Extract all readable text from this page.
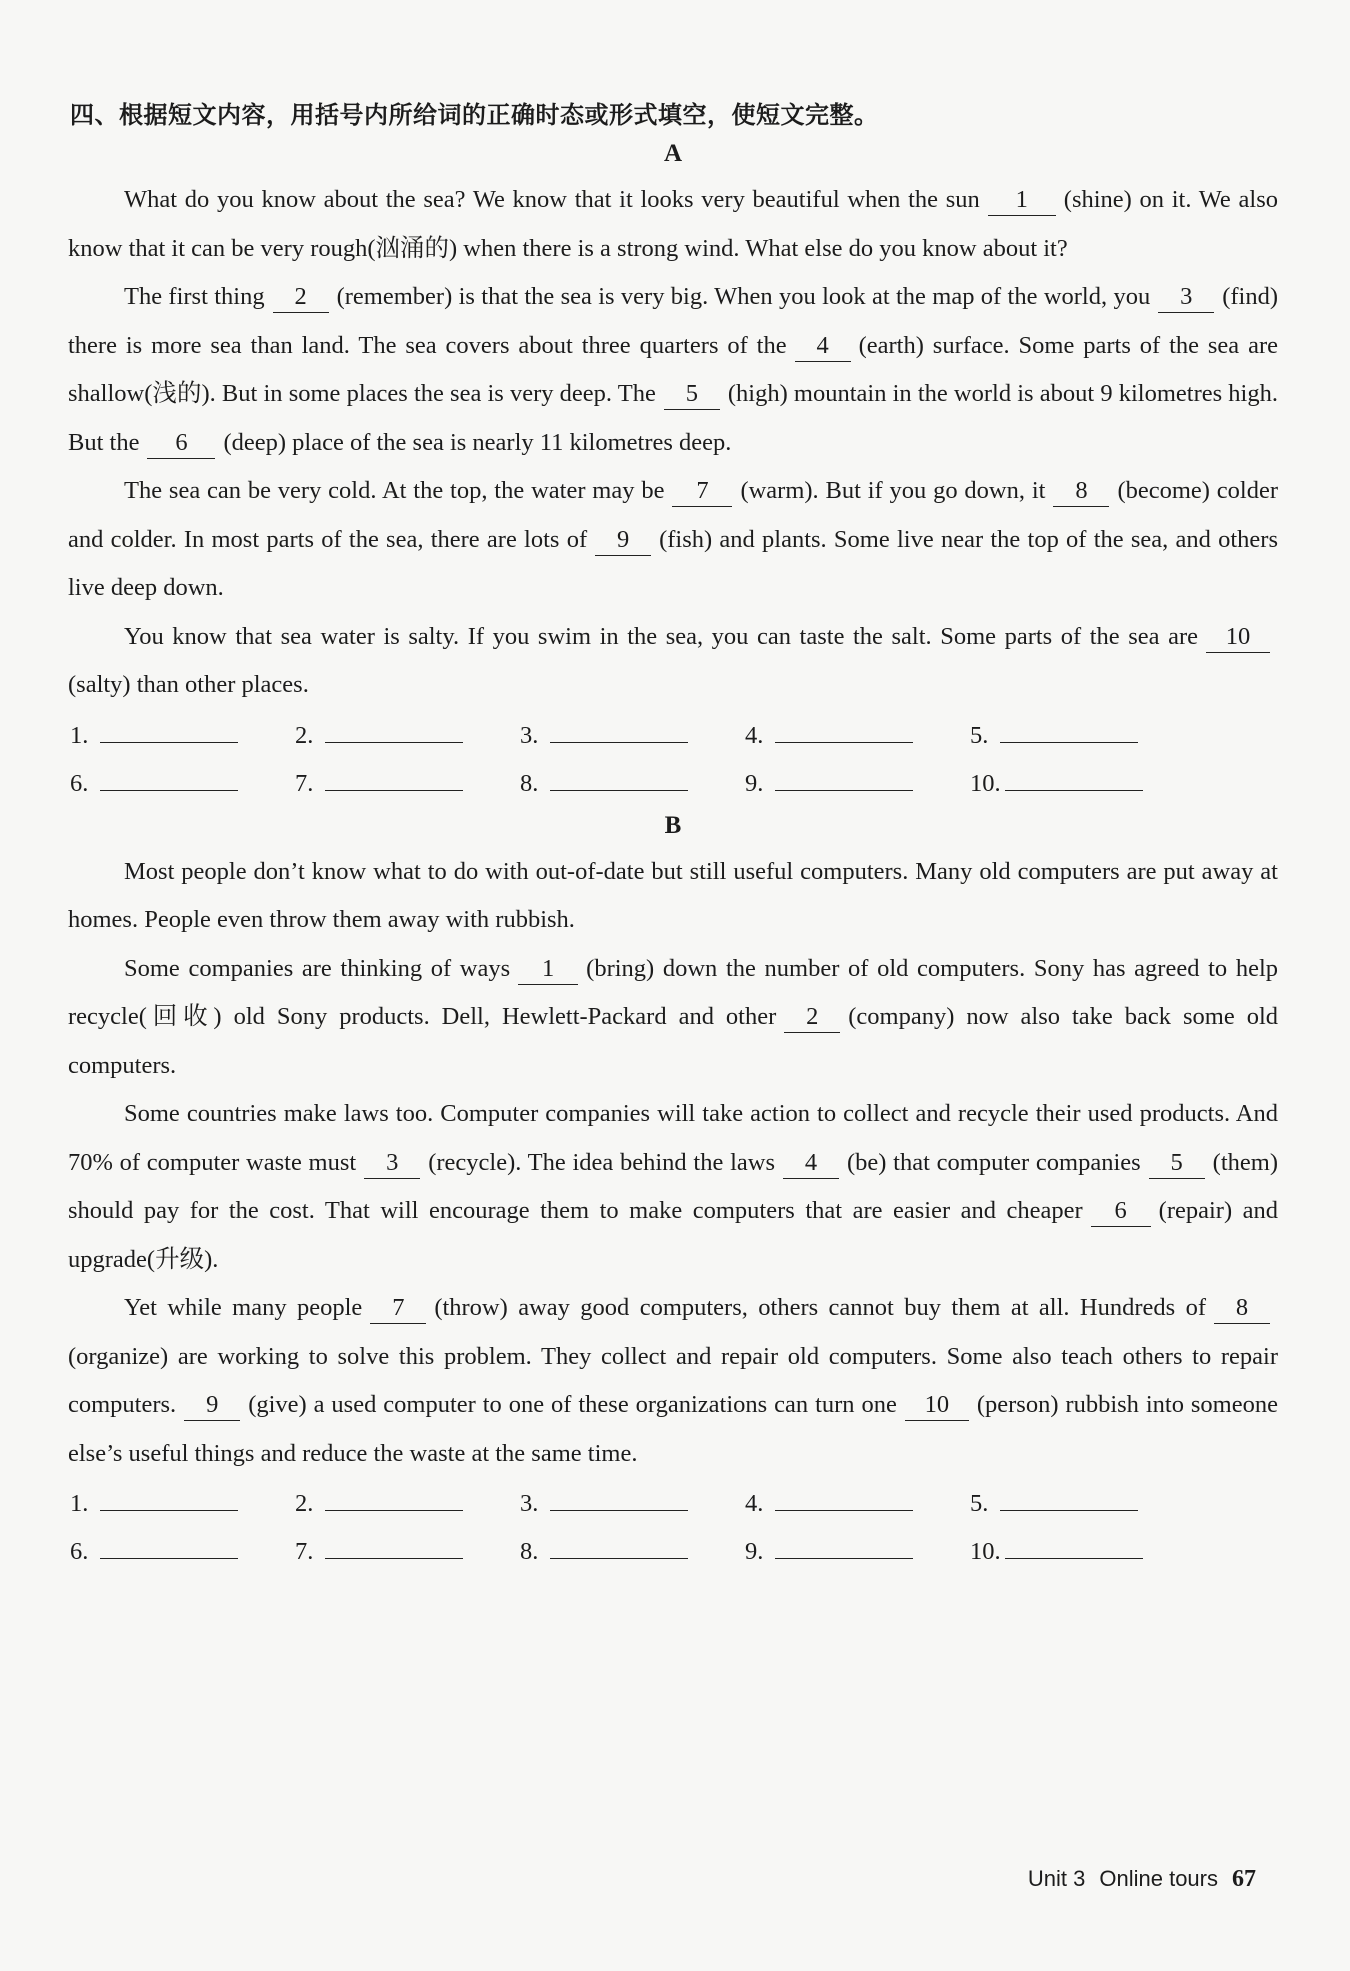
四、根据短文内容，用括号内所给词的正确时态或形式填空，使短文完整。
A

What do you know about the sea? We know that it looks very beautiful when the sun 1 (shine) on it. We also know that it can be very rough(汹涌的) when there is a strong wind. What else do you know about it?

The first thing 2 (remember) is that the sea is very big. When you look at the map of the world, you 3 (find) there is more sea than land. The sea covers about three quarters of the 4 (earth) surface. Some parts of the sea are shallow(浅的). But in some places the sea is very deep. The 5 (high) mountain in the world is about 9 kilometres high. But the 6 (deep) place of the sea is nearly 11 kilometres deep.

The sea can be very cold. At the top, the water may be 7 (warm). But if you go down, it 8 (become) colder and colder. In most parts of the sea, there are lots of 9 (fish) and plants. Some live near the top of the sea, and others live deep down.

You know that sea water is salty. If you swim in the sea, you can taste the salt. Some parts of the sea are 10(salty) than other places.

1.	2.	3.	4.	5.
6.	7.	8.	9.	10.
B

Most people don’t know what to do with out-of-date but still useful computers. Many old computers are put away at homes. People even throw them away with rubbish.

Some companies are thinking of ways 1 (bring) down the number of old computers. Sony has agreed to help recycle(回收) old Sony products. Dell, Hewlett-Packard and other 2 (company) now also take back some old computers.

Some countries make laws too. Computer companies will take action to collect and recycle their used products. And 70% of computer waste must 3 (recycle). The idea behind the laws 4 (be) that computer companies 5 (them) should pay for the cost. That will encourage them to make computers that are easier and cheaper 6 (repair) and upgrade(升级).

Yet while many people 7 (throw) away good computers, others cannot buy them at all. Hundreds of 8(organize) are working to solve this problem. They collect and repair old computers. Some also teach others to repair computers. 9 (give) a used computer to one of these organizations can turn one 10 (person) rubbish into someone else’s useful things and reduce the waste at the same time.

1.	2.	3.	4.	5.
6.	7.	8.	9.	10.
Unit 3 Online tours 67
